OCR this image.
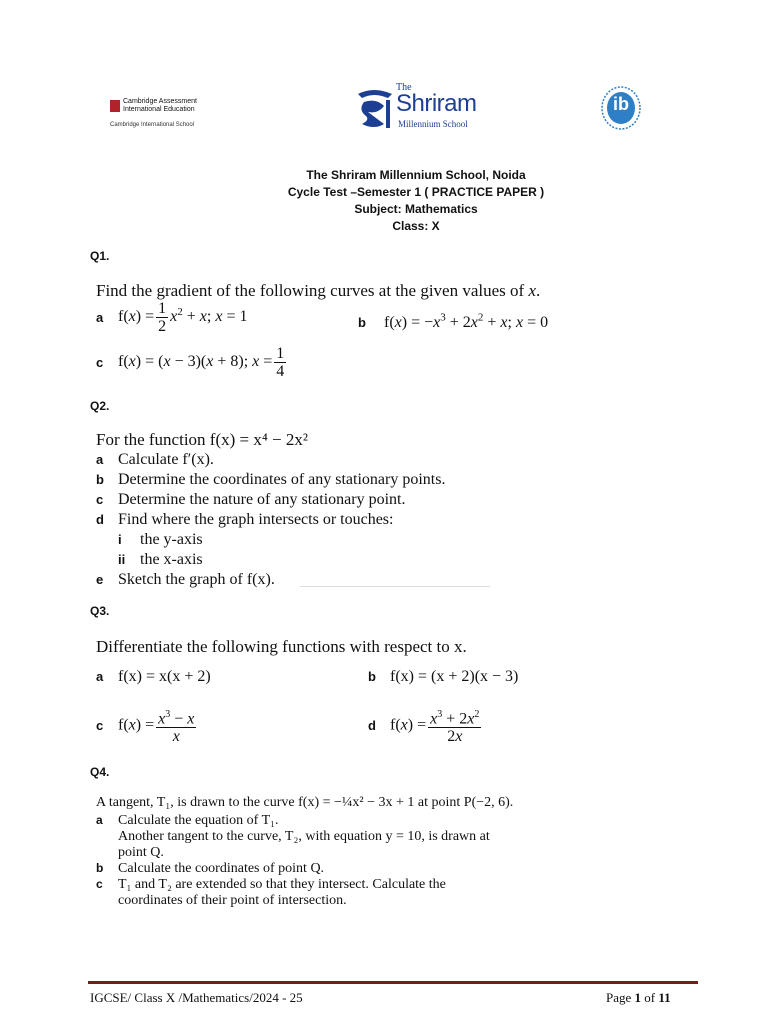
Cambridge Assessment
International Education
Cambridge International School
The
Shriram
Millennium School
ib
The Shriram Millennium School, Noida
Cycle Test –Semester 1 ( PRACTICE PAPER )
Subject: Mathematics
Class: X
Q1.
Find the gradient of the following curves at the given values of x.
a $f(x) = \frac{1}{2} x^2 + x$; x = 1	b $f(x) = -x^3 + 2x^2 + x$; x = 0
c f(x) = (x − 3)(x + 8); $x = \frac{1}{4}$
Q2.
For the function f(x) = x⁴ − 2x²
a Calculate f′(x).
b Determine the coordinates of any stationary points.
c Determine the nature of any stationary point.
d Find where the graph intersects or touches:
i the y-axis
ii the x-axis
e Sketch the graph of f(x).
Q3.
Differentiate the following functions with respect to x.
a f(x) = x(x + 2)	b f(x) = (x + 2)(x − 3)
c $f(x) = \frac{x^3 - x}{x}$	d $f(x) = \frac{x^3 + 2x^2}{2x}$
Q4.
A tangent, T₁, is drawn to the curve f(x) = −¼x² − 3x + 1 at point P(−2, 6).
a Calculate the equation of T₁.
Another tangent to the curve, T₂, with equation y = 10, is drawn at
point Q.
b Calculate the coordinates of point Q.
c T₁ and T₂ are extended so that they intersect. Calculate the
coordinates of their point of intersection.
IGCSE/ Class X /Mathematics/2024 - 25	Page 1 of 11
